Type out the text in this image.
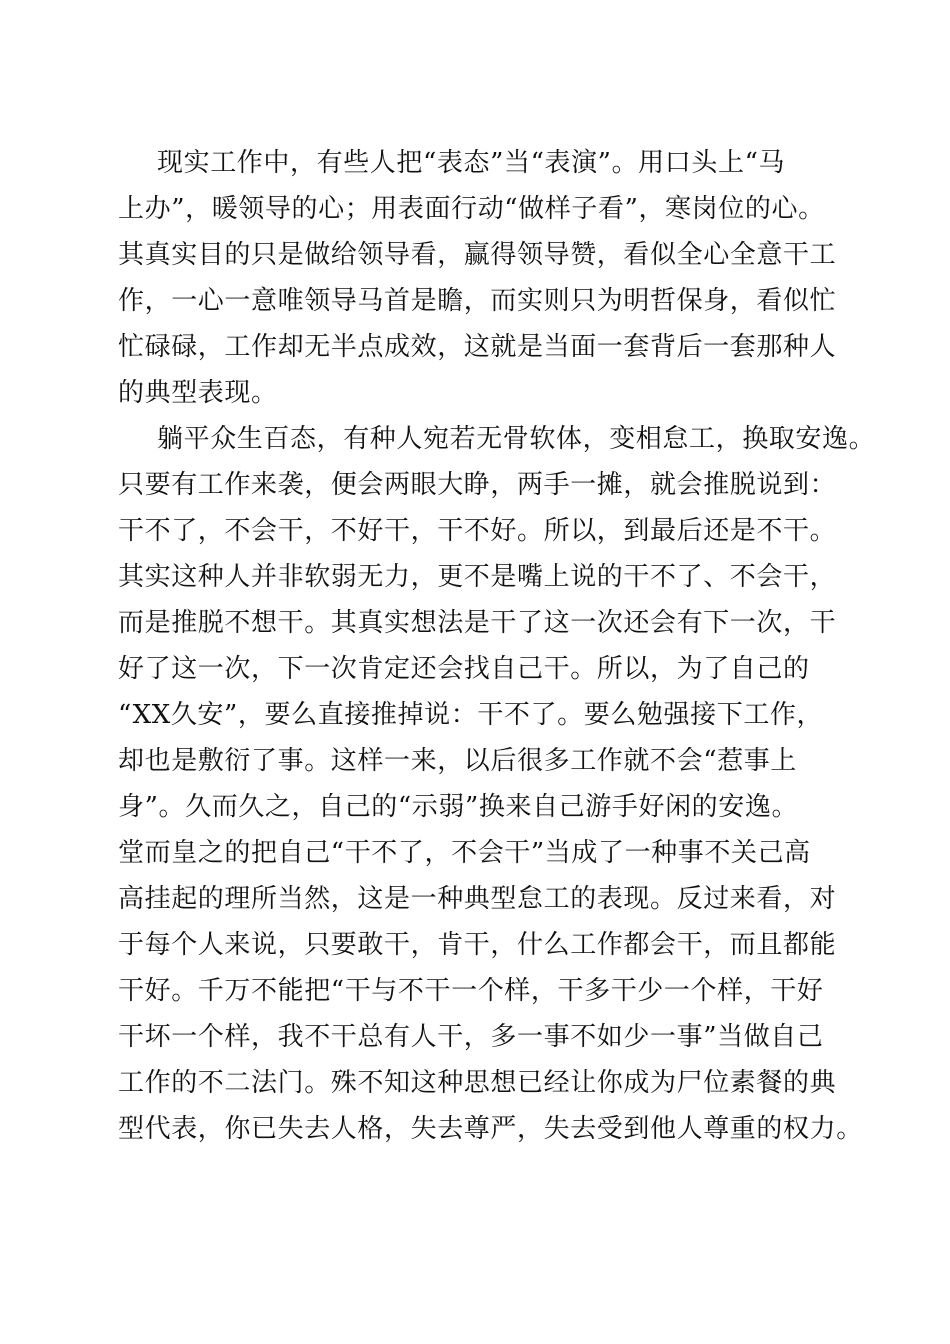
现实工作中，有些人把“表态”当“表演”。用口头上“马
上办”，暖领导的心；用表面行动“做样子看”，寒岗位的心。
其真实目的只是做给领导看，赢得领导赞，看似全心全意干工
作，一心一意唯领导马首是瞻，而实则只为明哲保身，看似忙
忙碌碌，工作却无半点成效，这就是当面一套背后一套那种人
的典型表现。
躺平众生百态，有种人宛若无骨软体，变相怠工，换取安逸。
只要有工作来袭，便会两眼大睁，两手一摊，就会推脱说到：
干不了，不会干，不好干，干不好。所以，到最后还是不干。
其实这种人并非软弱无力，更不是嘴上说的干不了、不会干，
而是推脱不想干。其真实想法是干了这一次还会有下一次，干
好了这一次，下一次肯定还会找自己干。所以，为了自己的
“XX久安”，要么直接推掉说：干不了。要么勉强接下工作，
却也是敷衍了事。这样一来，以后很多工作就不会“惹事上
身”。久而久之，自己的“示弱”换来自己游手好闲的安逸。
堂而皇之的把自己“干不了，不会干”当成了一种事不关己高
高挂起的理所当然，这是一种典型怠工的表现。反过来看，对
于每个人来说，只要敢干，肯干，什么工作都会干，而且都能
干好。千万不能把“干与不干一个样，干多干少一个样，干好
干坏一个样，我不干总有人干，多一事不如少一事”当做自己
工作的不二法门。殊不知这种思想已经让你成为尸位素餐的典
型代表，你已失去人格，失去尊严，失去受到他人尊重的权力。
